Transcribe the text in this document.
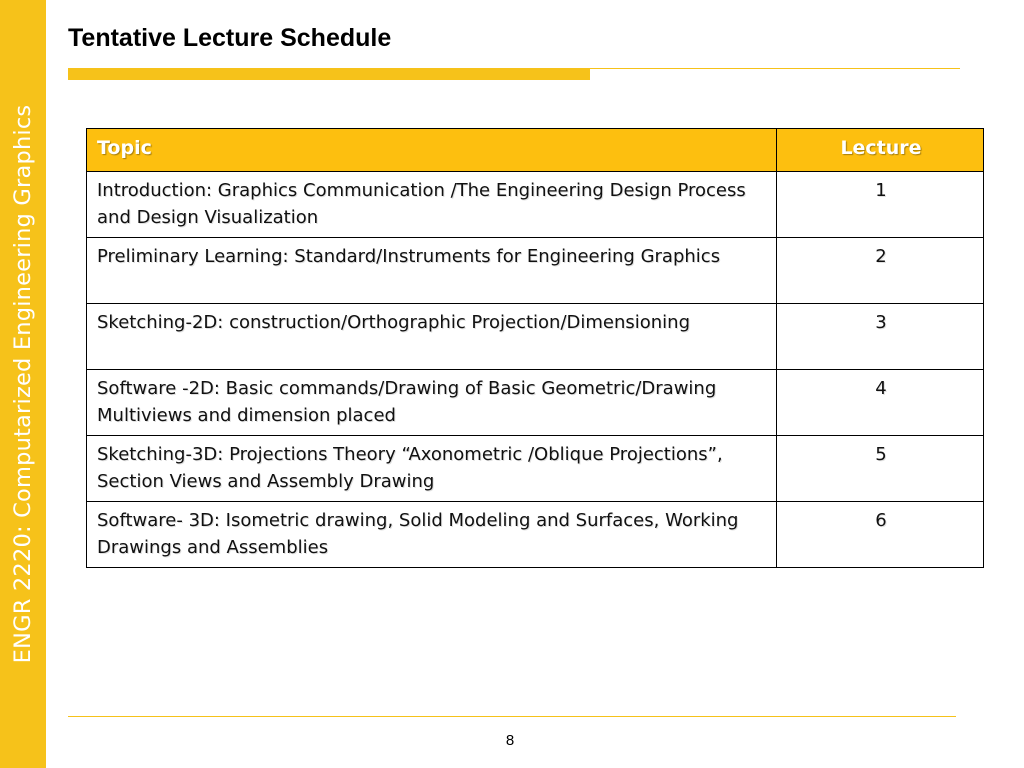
ENGR 2220: Computarized Engineering Graphics
Tentative Lecture Schedule
Topic	Lecture
Introduction: Graphics Communication /The Engineering Design Process and Design Visualization	1
Preliminary Learning: Standard/Instruments for Engineering Graphics	2
Sketching-2D: construction/Orthographic Projection/Dimensioning	3
Software -2D: Basic commands/Drawing of Basic Geometric/Drawing Multiviews and dimension placed	4
Sketching-3D: Projections Theory “Axonometric /Oblique Projections”, Section Views and Assembly Drawing	5
Software- 3D: Isometric drawing, Solid Modeling and Surfaces, Working Drawings and Assemblies	6
8
